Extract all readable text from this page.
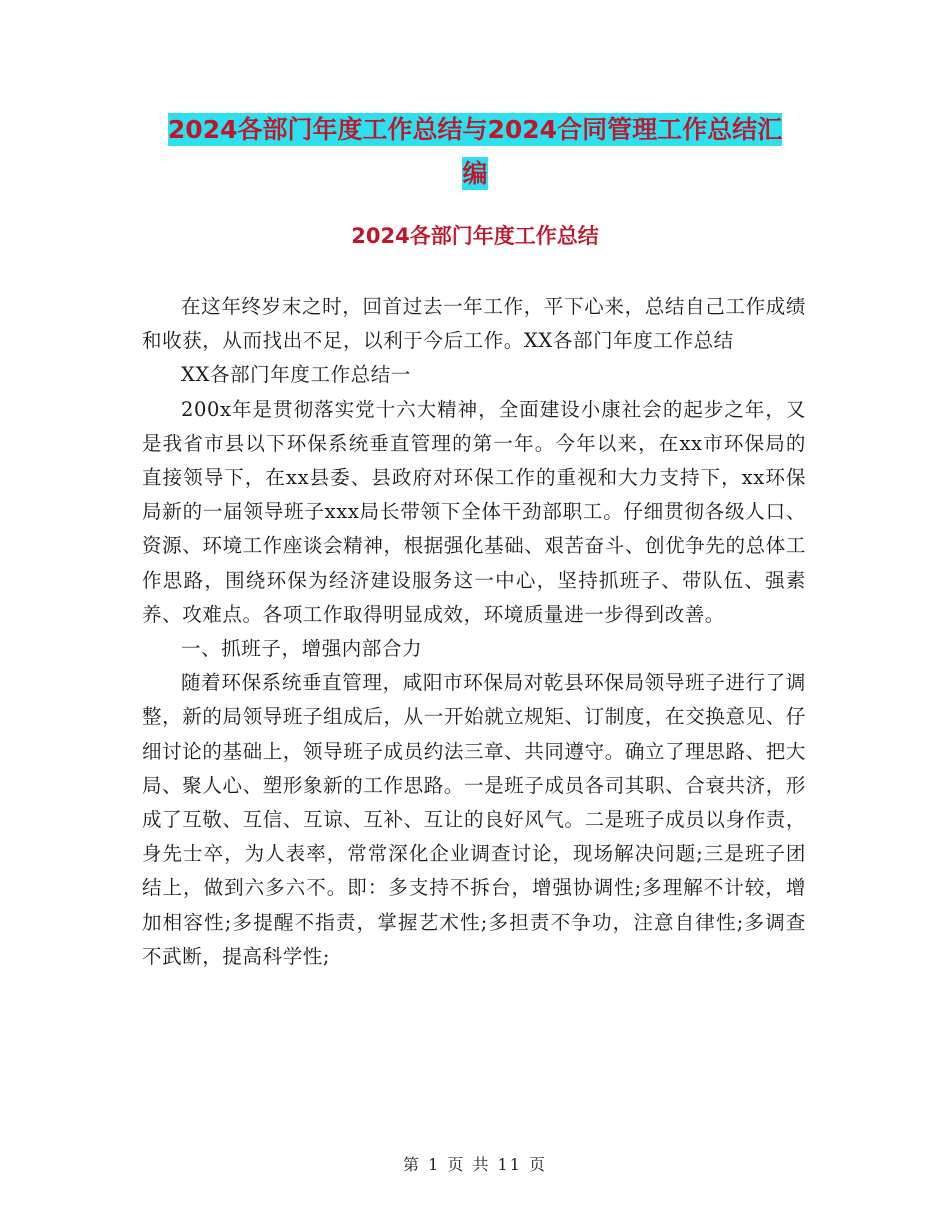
2024各部门年度工作总结与2024合同管理工作总结汇
编
2024各部门年度工作总结

在这年终岁末之时，回首过去一年工作，平下心来，总结自己工作成绩和收获，从而找出不足，以利于今后工作。XX各部门年度工作总结

XX各部门年度工作总结一

200x年是贯彻落实党十六大精神，全面建设小康社会的起步之年，又是我省市县以下环保系统垂直管理的第一年。今年以来，在xx市环保局的直接领导下，在xx县委、县政府对环保工作的重视和大力支持下，xx环保局新的一届领导班子xxx局长带领下全体干劲部职工。仔细贯彻各级人口、资源、环境工作座谈会精神，根据强化基础、艰苦奋斗、创优争先的总体工作思路，围绕环保为经济建设服务这一中心，坚持抓班子、带队伍、强素养、攻难点。各项工作取得明显成效，环境质量进一步得到改善。

一、抓班子，增强内部合力

随着环保系统垂直管理，咸阳市环保局对乾县环保局领导班子进行了调整，新的局领导班子组成后，从一开始就立规矩、订制度，在交换意见、仔细讨论的基础上，领导班子成员约法三章、共同遵守。确立了理思路、把大局、聚人心、塑形象新的工作思路。一是班子成员各司其职、合衰共济，形成了互敬、互信、互谅、互补、互让的良好风气。二是班子成员以身作责，身先士卒，为人表率，常常深化企业调查讨论，现场解决问题;三是班子团结上，做到六多六不。即：多支持不拆台，增强协调性;多理解不计较，增加相容性;多提醒不指责，掌握艺术性;多担责不争功，注意自律性;多调查不武断，提高科学性;

第 1 页 共 11 页
